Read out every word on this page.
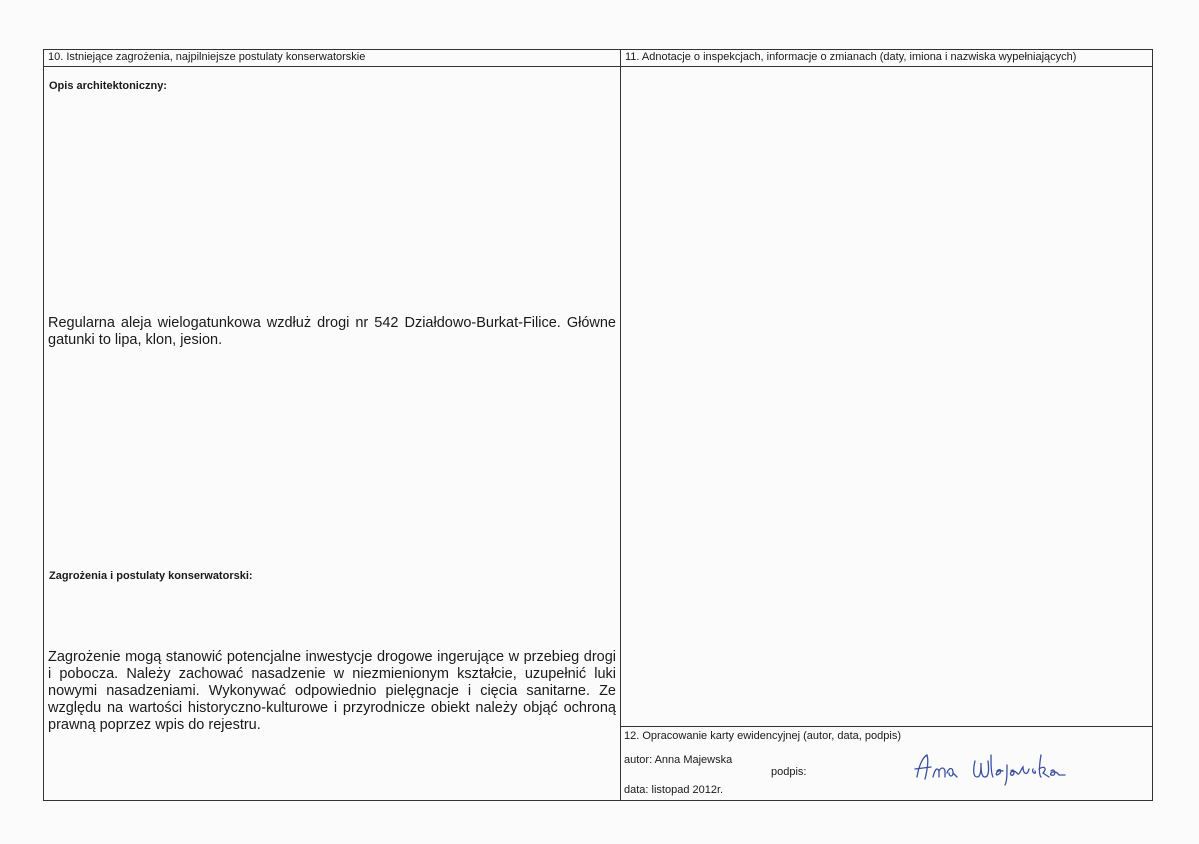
10. Istniejące zagrożenia, najpilniejsze postulaty konserwatorskie
Opis architektoniczny:
Regularna aleja wielogatunkowa wzdłuż drogi nr 542 Działdowo-Burkat-Filice. Główne gatunki to lipa, klon, jesion.
Zagrożenia i postulaty konserwatorski:
Zagrożenie mogą stanowić potencjalne inwestycje drogowe ingerujące w przebieg drogi i pobocza. Należy zachować nasadzenie w niezmienionym kształcie, uzupełnić luki nowymi nasadzeniami. Wykonywać odpowiednio pielęgnacje i cięcia sanitarne. Ze względu na wartości historyczno-kulturowe i przyrodnicze obiekt należy objąć ochroną prawną poprzez wpis do rejestru.
11. Adnotacje o inspekcjach, informacje o zmianach (daty, imiona i nazwiska wypełniających)
12. Opracowanie karty ewidencyjnej (autor, data, podpis)
autor: Anna Majewska
podpis:
data: listopad 2012r.
